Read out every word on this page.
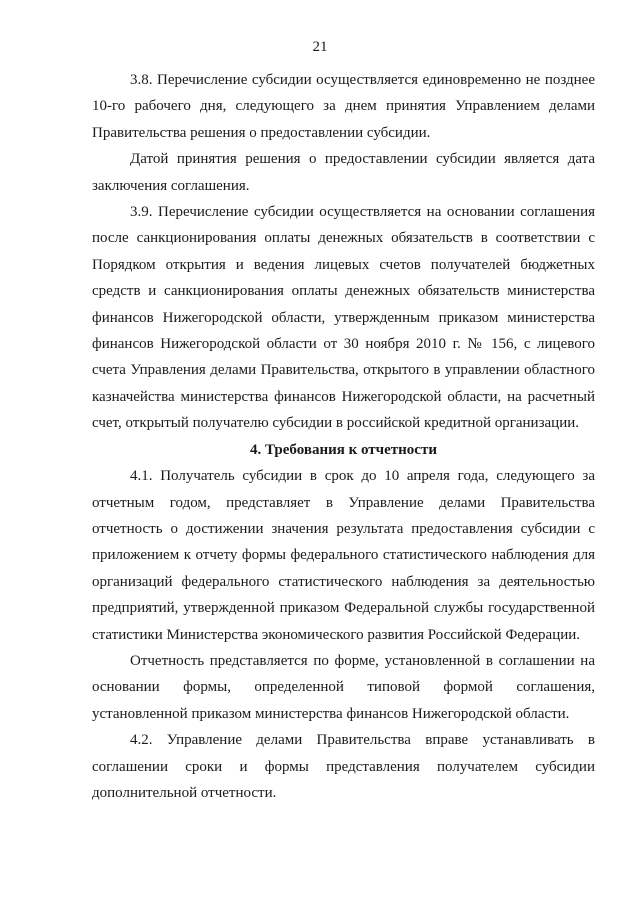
21

3.8. Перечисление субсидии осуществляется единовременно не позднее 10-го рабочего дня, следующего за днем принятия Управлением делами Правительства решения о предоставлении субсидии.

Датой принятия решения о предоставлении субсидии является дата заключения соглашения.

3.9. Перечисление субсидии осуществляется на основании соглашения после санкционирования оплаты денежных обязательств в соответствии с Порядком открытия и ведения лицевых счетов получателей бюджетных средств и санкционирования оплаты денежных обязательств министерства финансов Нижегородской области, утвержденным приказом министерства финансов Нижегородской области от 30 ноября 2010 г. № 156, с лицевого счета Управления делами Правительства, открытого в управлении областного казначейства министерства финансов Нижегородской области, на расчетный счет, открытый получателю субсидии в российской кредитной организации.

4. Требования к отчетности

4.1. Получатель субсидии в срок до 10 апреля года, следующего за отчетным годом, представляет в Управление делами Правительства отчетность о достижении значения результата предоставления субсидии с приложением к отчету формы федерального статистического наблюдения для организаций федерального статистического наблюдения за деятельностью предприятий, утвержденной приказом Федеральной службы государственной статистики Министерства экономического развития Российской Федерации.

Отчетность представляется по форме, установленной в соглашении на основании формы, определенной типовой формой соглашения, установленной приказом министерства финансов Нижегородской области.

4.2. Управление делами Правительства вправе устанавливать в соглашении сроки и формы представления получателем субсидии дополнительной отчетности.
